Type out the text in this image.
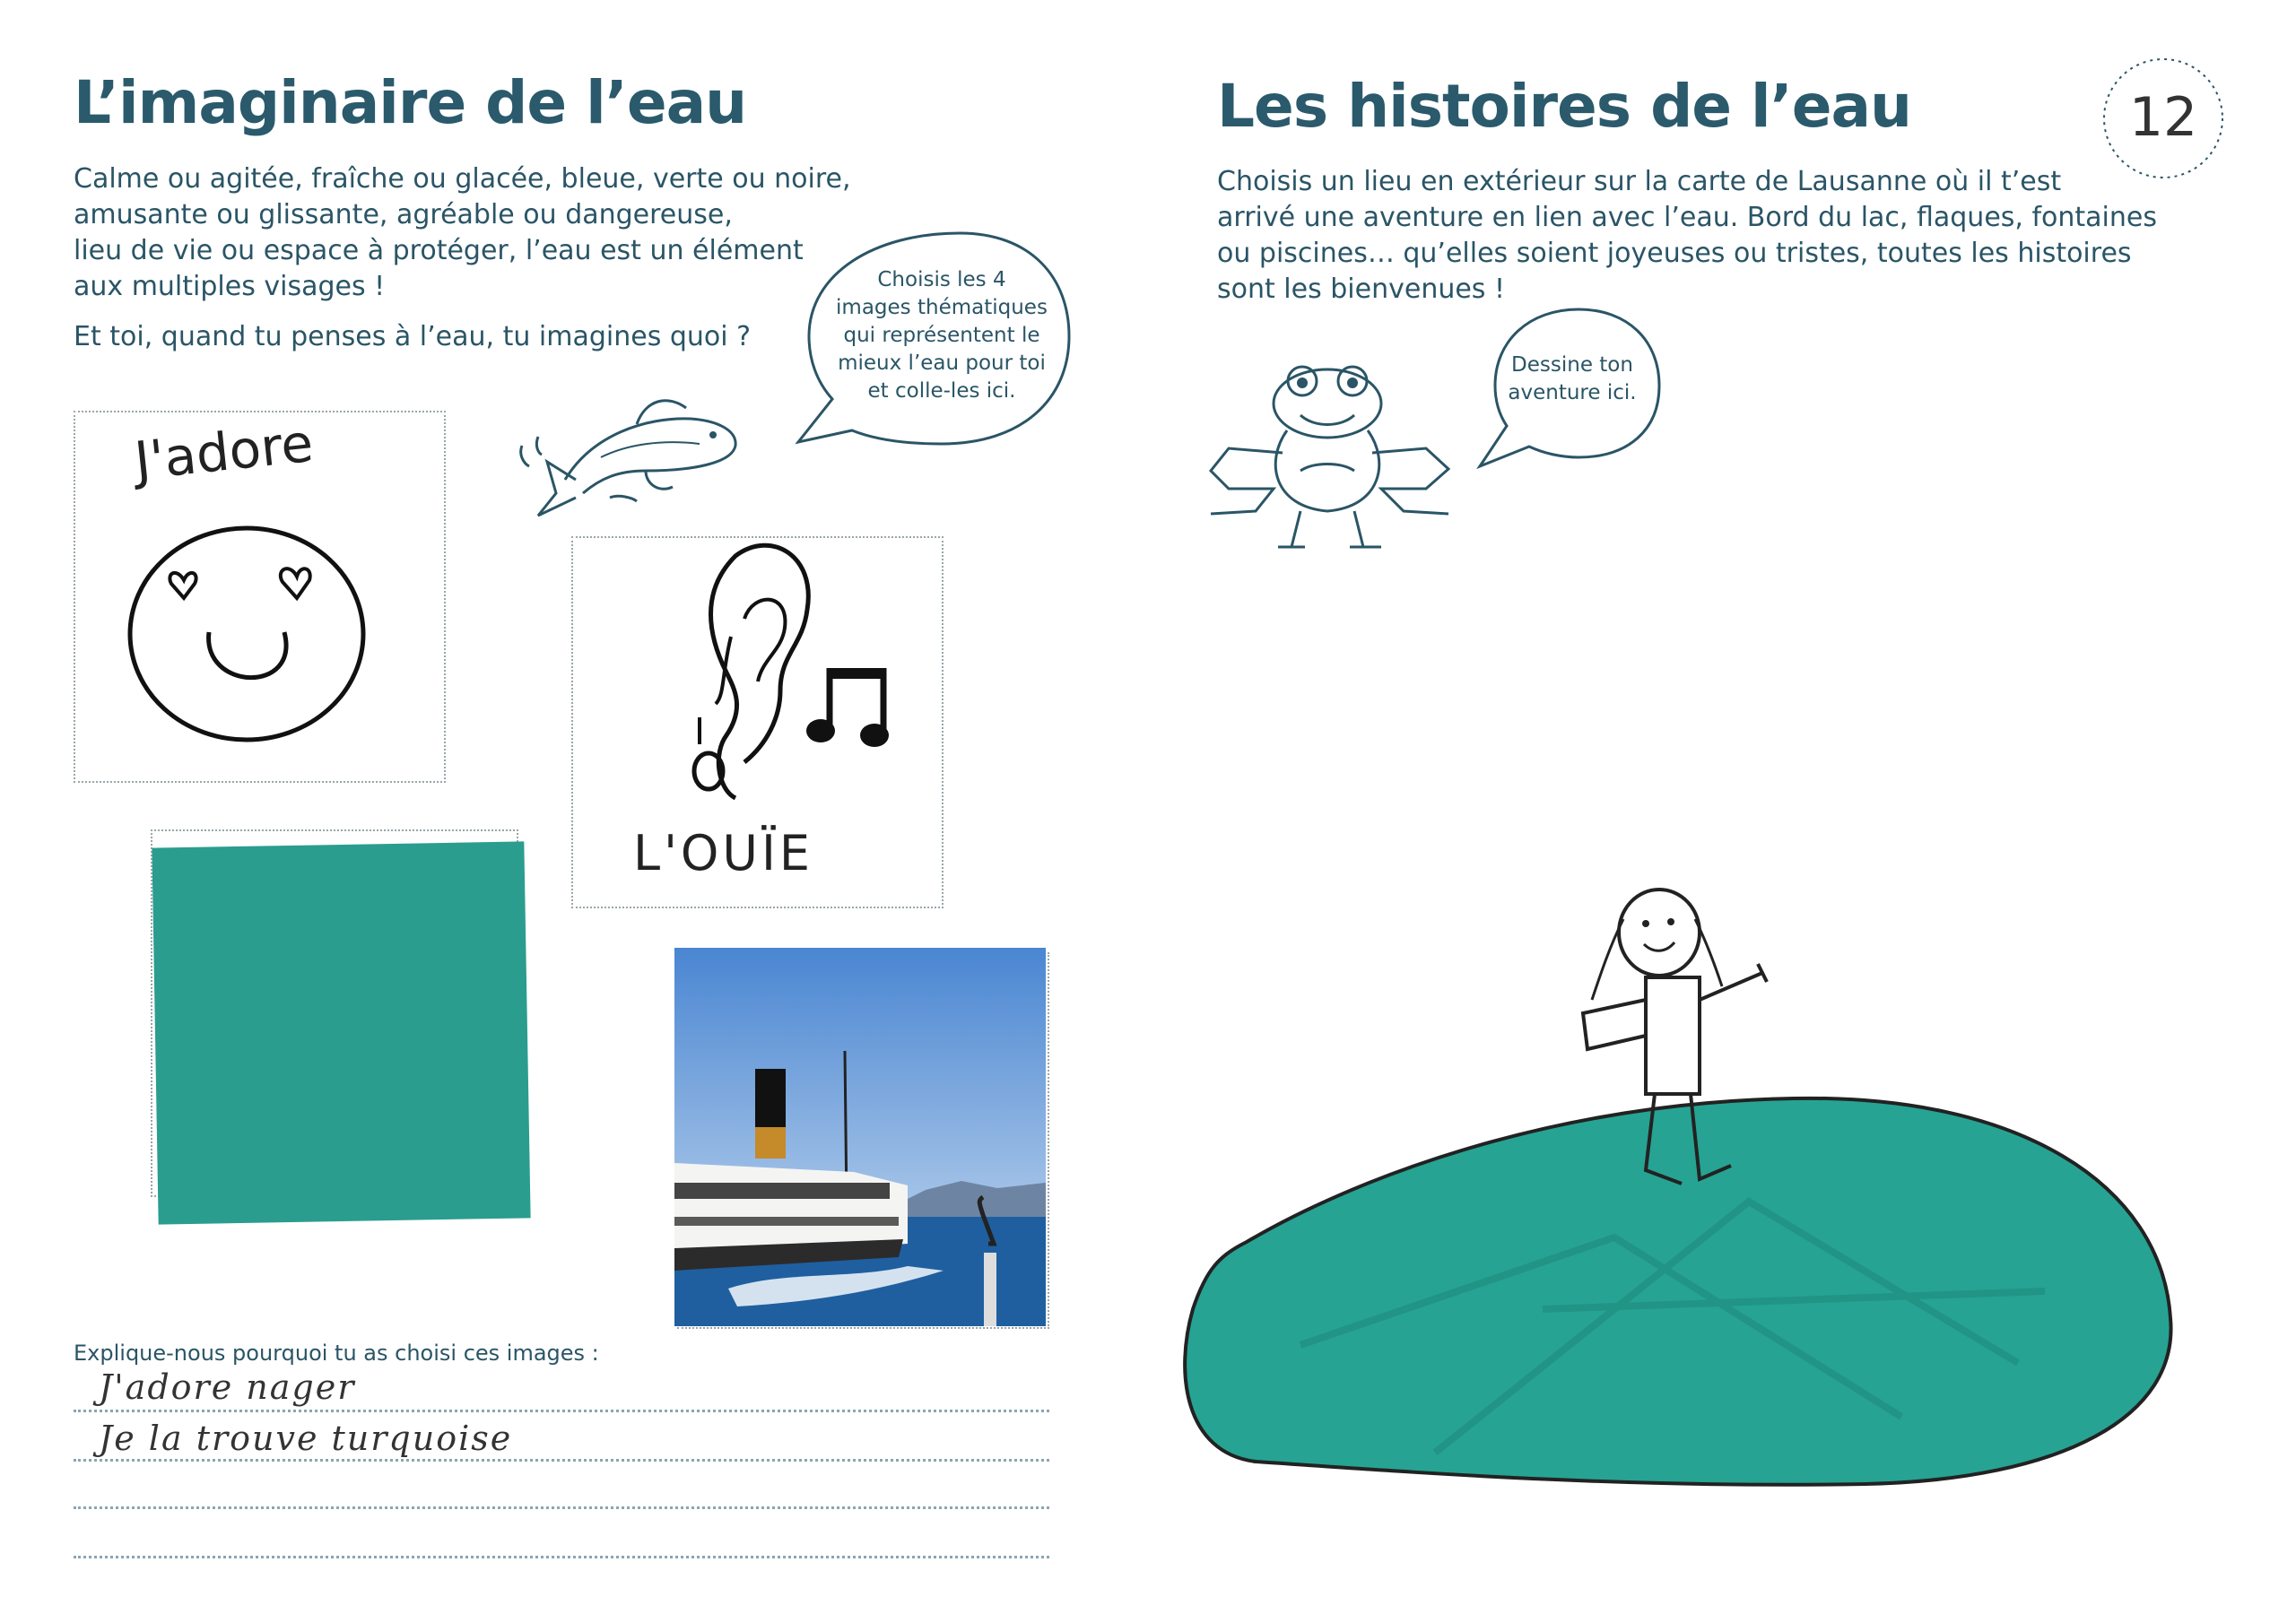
L’imaginaire de l’eau

Calme ou agitée, fraîche ou glacée, bleue, verte ou noire,

amusante ou glissante, agréable ou dangereuse,

lieu de vie ou espace à protéger, l’eau est un élément

aux multiples visages !

Et toi, quand tu penses à l’eau, tu imagines quoi ?

Choisis les 4
images thématiques
qui représentent le
mieux l’eau pour toi
et colle-les ici.
J'adore
L'OUÏE
Explique-nous pourquoi tu as choisi ces images :
J'adore nager
Je la trouve turquoise
Les histoires de l’eau	12

Choisis un lieu en extérieur sur la carte de Lausanne où il t’est

arrivé une aventure en lien avec l’eau. Bord du lac, flaques, fontaines

ou piscines… qu’elles soient joyeuses ou tristes, toutes les histoires

sont les bienvenues !

Dessine ton
aventure ici.
